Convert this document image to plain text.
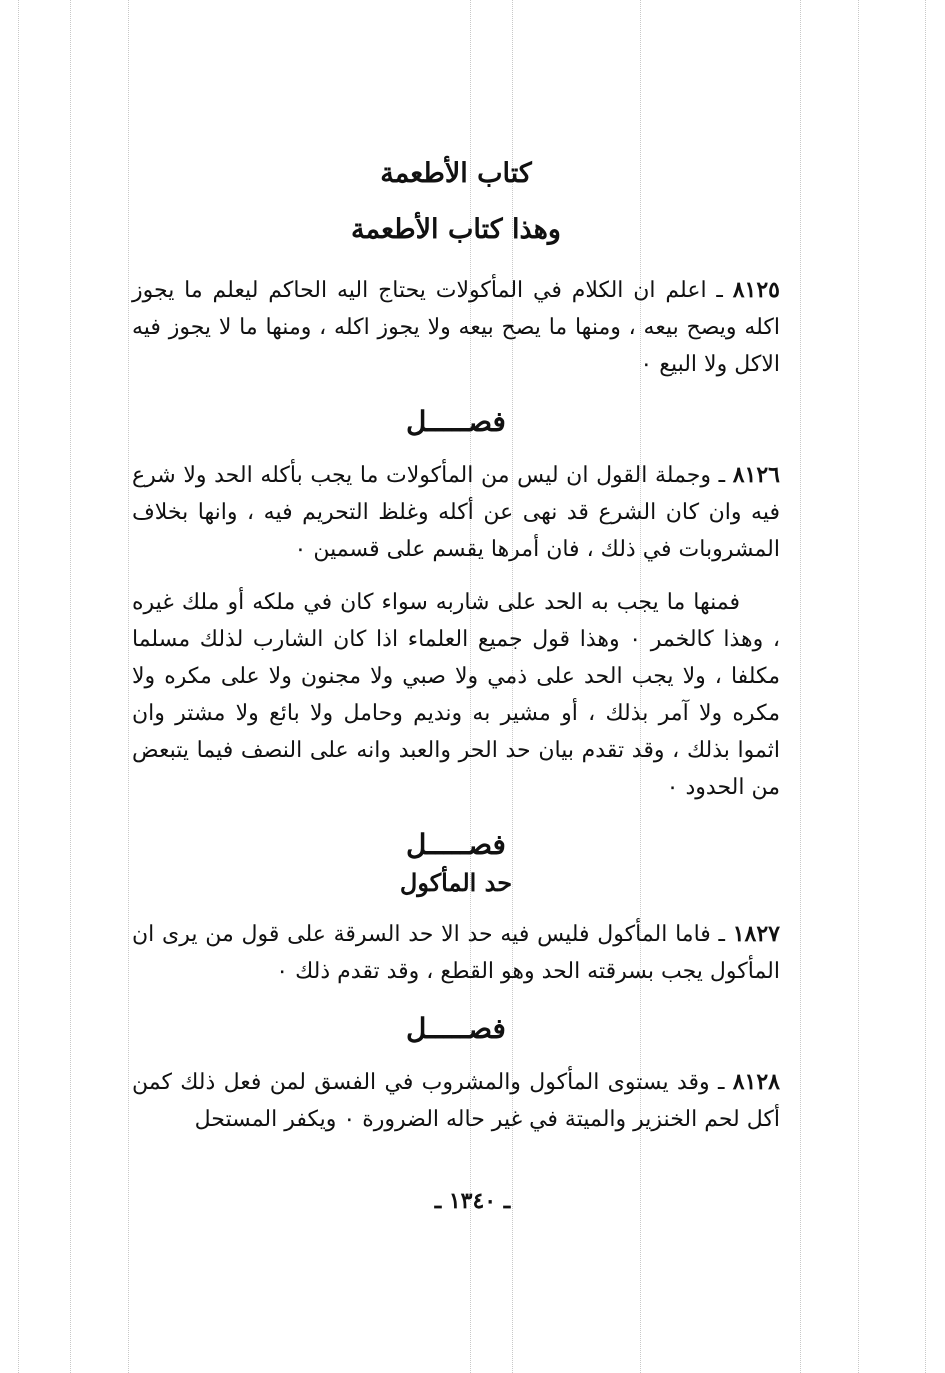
كتاب الأطعمة
وهذا كتاب الأطعمة

٨١٢٥ ـ اعلم ان الكلام في المأكولات يحتاج اليه الحاكم ليعلم ما يجوز اكله ويصح بيعه ، ومنها ما يصح بيعه ولا يجوز اكله ، ومنها ما لا يجوز فيه الاكل ولا البيع ٠

فصـــــل

٨١٢٦ ـ وجملة القول ان ليس من المأكولات ما يجب بأكله الحد ولا شرع فيه وان كان الشرع قد نهى عن أكله وغلظ التحريم فيه ، وانها بخلاف المشروبات في ذلك ، فان أمرها يقسم على قسمين ٠

فمنها ما يجب به الحد على شاربه سواء كان في ملكه أو ملك غيره ، وهذا كالخمر ٠ وهذا قول جميع العلماء اذا كان الشارب لذلك مسلما مكلفا ، ولا يجب الحد على ذمي ولا صبي ولا مجنون ولا على مكره ولا مكره ولا آمر بذلك ، أو مشير به ونديم وحامل ولا بائع ولا مشتر وان اثموا بذلك ، وقد تقدم بيان حد الحر والعبد وانه على النصف فيما يتبعض من الحدود ٠

فصـــــل
حد المأكول

١٨٢٧ ـ فاما المأكول فليس فيه حد الا حد السرقة على قول من يرى ان المأكول يجب بسرقته الحد وهو القطع ، وقد تقدم ذلك ٠

فصـــــل

٨١٢٨ ـ وقد يستوى المأكول والمشروب في الفسق لمن فعل ذلك كمن أكل لحم الخنزير والميتة في غير حاله الضرورة ٠ ويكفر المستحل

ـ ١٣٤٠ ـ
